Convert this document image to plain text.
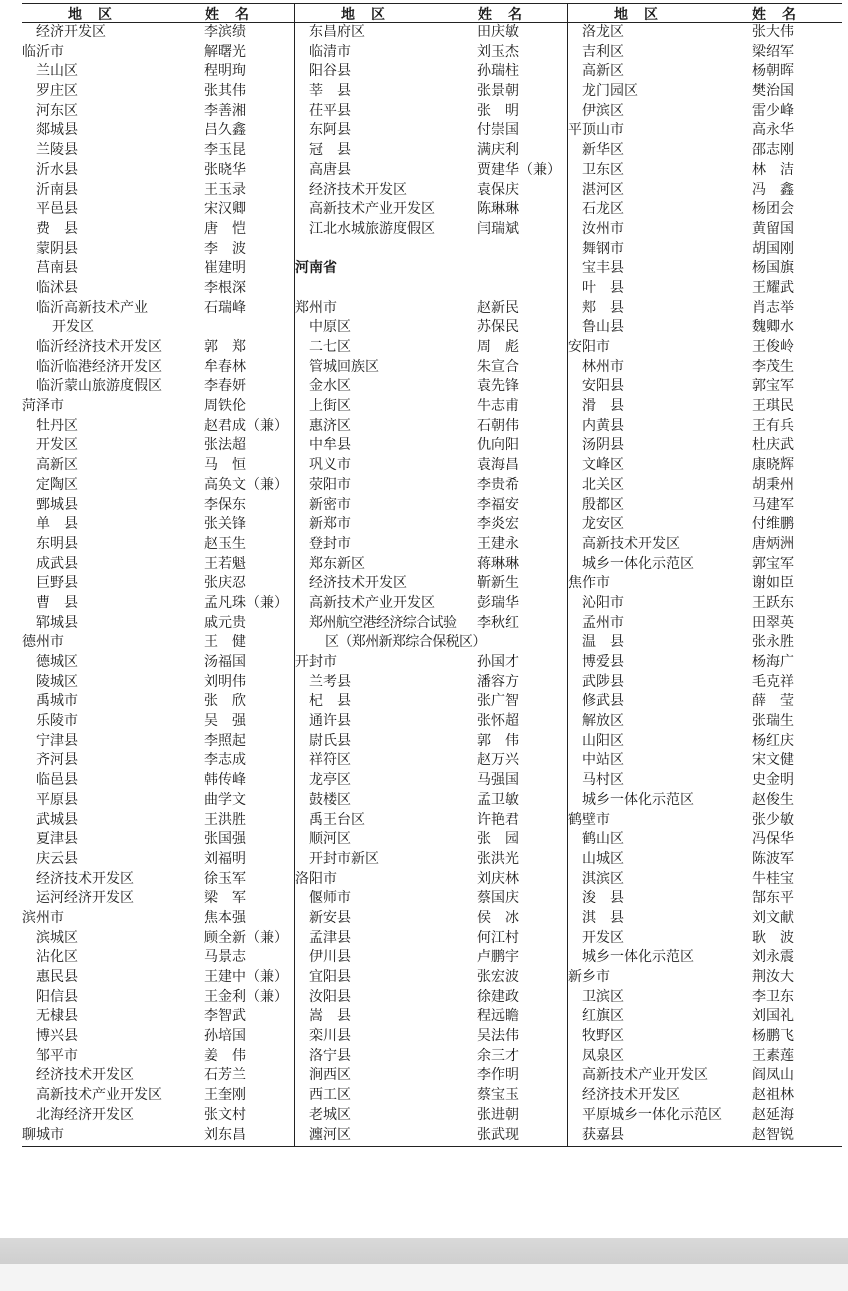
地区	姓名
经济开发区	李滨绩
临沂市	解曙光
兰山区	程明珣
罗庄区	张其伟
河东区	李善湘
郯城县	吕久鑫
兰陵县	李玉昆
沂水县	张晓华
沂南县	王玉录
平邑县	宋汉卿
费　县	唐　恺
蒙阴县	李　波
莒南县	崔建明
临沭县	李根深
临沂高新技术产业	石瑞峰
开发区
临沂经济技术开发区	郭　郑
临沂临港经济开发区	牟春林
临沂蒙山旅游度假区	李春妍
菏泽市	周铁伦
牡丹区	赵君成（兼）
开发区	张法超
高新区	马　恒
定陶区	高奂文（兼）
鄄城县	李保东
单　县	张关锋
东明县	赵玉生
成武县	王若魁
巨野县	张庆忍
曹　县	孟凡珠（兼）
郓城县	戚元贵
德州市	王　健
德城区	汤福国
陵城区	刘明伟
禹城市	张　欣
乐陵市	吴　强
宁津县	李照起
齐河县	李志成
临邑县	韩传峰
平原县	曲学文
武城县	王洪胜
夏津县	张国强
庆云县	刘福明
经济技术开发区	徐玉军
运河经济开发区	梁　军
滨州市	焦本强
滨城区	顾全新（兼）
沾化区	马景志
惠民县	王建中（兼）
阳信县	王金利（兼）
无棣县	李智武
博兴县	孙培国
邹平市	姜　伟
经济技术开发区	石芳兰
高新技术产业开发区	王奎刚
北海经济开发区	张文村
聊城市	刘东昌
地区	姓名
东昌府区	田庆敏
临清市	刘玉杰
阳谷县	孙瑞柱
莘　县	张景朝
茌平县	张　明
东阿县	付崇国
冠　县	满庆利
高唐县	贾建华（兼）
经济技术开发区	袁保庆
高新技术产业开发区	陈琳琳
江北水城旅游度假区	闫瑞斌
河南省
郑州市	赵新民
中原区	苏保民
二七区	周　彪
管城回族区	朱宣合
金水区	袁先锋
上街区	牛志甫
惠济区	石朝伟
中牟县	仇向阳
巩义市	袁海昌
荥阳市	李贵希
新密市	李福安
新郑市	李炎宏
登封市	王建永
郑东新区	蒋琳琳
经济技术开发区	靳新生
高新技术产业开发区	彭瑞华
郑州航空港经济综合试验 李秋红
区（郑州新郑综合保税区）
开封市	孙国才
兰考县	潘容方
杞　县	张广智
通许县	张怀超
尉氏县	郭　伟
祥符区	赵万兴
龙亭区	马强国
鼓楼区	孟卫敏
禹王台区	许艳君
顺河区	张　园
开封市新区	张洪光
洛阳市	刘庆林
偃师市	蔡国庆
新安县	侯　冰
孟津县	何江村
伊川县	卢鹏宇
宜阳县	张宏波
汝阳县	徐建政
嵩　县	程远瞻
栾川县	吴法伟
洛宁县	余三才
涧西区	李作明
西工区	蔡宝玉
老城区	张进朝
瀍河区	张武现
地区	姓名
洛龙区	张大伟
吉利区	梁绍军
高新区	杨朝晖
龙门园区	樊治国
伊滨区	雷少峰
平顶山市	高永华
新华区	邵志刚
卫东区	林　洁
湛河区	冯　鑫
石龙区	杨团会
汝州市	黄留国
舞钢市	胡国刚
宝丰县	杨国旗
叶　县	王耀武
郏　县	肖志举
鲁山县	魏卿水
安阳市	王俊岭
林州市	李茂生
安阳县	郭宝军
滑　县	王琪民
内黄县	王有兵
汤阴县	杜庆武
文峰区	康晓辉
北关区	胡秉州
殷都区	马建军
龙安区	付维鹏
高新技术开发区	唐炳洲
城乡一体化示范区	郭宝军
焦作市	谢如臣
沁阳市	王跃东
孟州市	田翠英
温　县	张永胜
博爱县	杨海广
武陟县	毛克祥
修武县	薛　莹
解放区	张瑞生
山阳区	杨红庆
中站区	宋文健
马村区	史金明
城乡一体化示范区	赵俊生
鹤壁市	张少敏
鹤山区	冯保华
山城区	陈波军
淇滨区	牛桂宝
浚　县	郜东平
淇　县	刘文献
开发区	耿　波
城乡一体化示范区	刘永震
新乡市	荆汝大
卫滨区	李卫东
红旗区	刘国礼
牧野区	杨鹏飞
凤泉区	王素莲
高新技术产业开发区	阎凤山
经济技术开发区	赵祖林
平原城乡一体化示范区 赵延海
获嘉县	赵智锐
